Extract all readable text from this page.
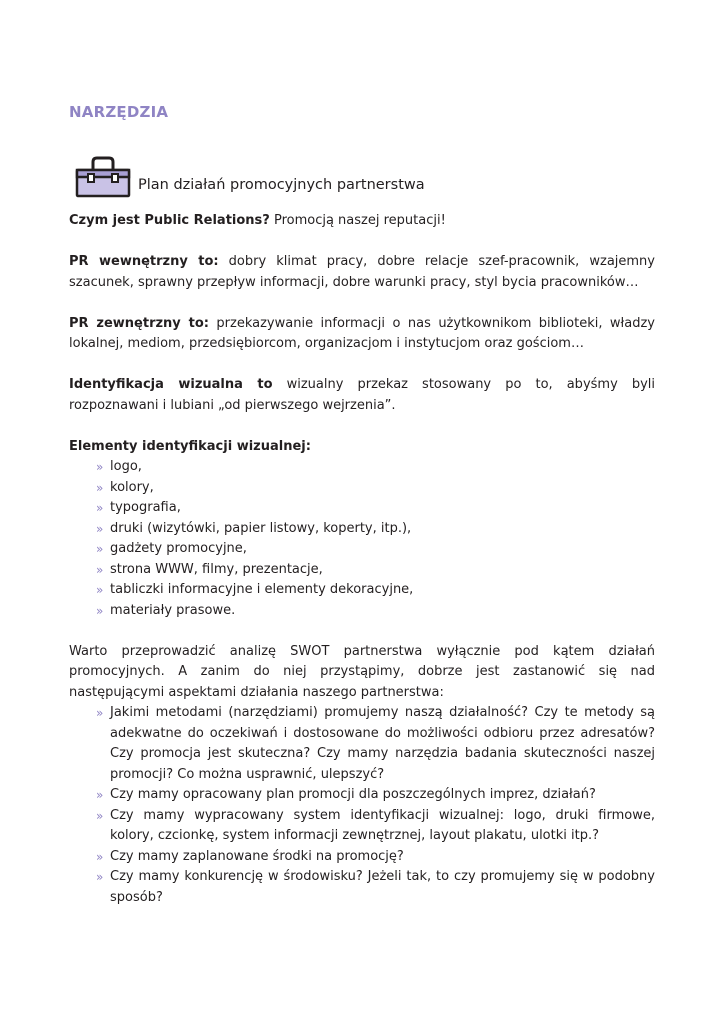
NARZĘDZIA
Plan działań promocyjnych partnerstwa

Czym jest Public Relations? Promocją naszej reputacji!

PR wewnętrzny to: dobry klimat pracy, dobre relacje szef-pracownik, wzajemny szacunek, sprawny przepływ informacji, dobre warunki pracy, styl bycia pracowników…

PR zewnętrzny to: przekazywanie informacji o nas użytkownikom biblioteki, władzy lokalnej, mediom, przedsiębiorcom, organizacjom i instytucjom oraz gościom…

Identyfikacja wizualna to wizualny przekaz stosowany po to, abyśmy byli rozpoznawani i lubiani „od pierwszego wejrzenia”.

Elementy identyfikacji wizualnej:

» logo,
» kolory,
» typografia,
» druki (wizytówki, papier listowy, koperty, itp.),
» gadżety promocyjne,
» strona WWW, filmy, prezentacje,
» tabliczki informacyjne i elementy dekoracyjne,
» materiały prasowe.

Warto przeprowadzić analizę SWOT partnerstwa wyłącznie pod kątem działań promocyjnych. A zanim do niej przystąpimy, dobrze jest zastanowić się nad następującymi aspektami działania naszego partnerstwa:

» Jakimi metodami (narzędziami) promujemy naszą działalność? Czy te metody są adekwatne do oczekiwań i dostosowane do możliwości odbioru przez adresatów? Czy promocja jest skuteczna? Czy mamy narzędzia badania skuteczności naszej promocji? Co można usprawnić, ulepszyć?
» Czy mamy opracowany plan promocji dla poszczególnych imprez, działań?
» Czy mamy wypracowany system identyfikacji wizualnej: logo, druki firmowe, kolory, czcionkę, system informacji zewnętrznej, layout plakatu, ulotki itp.?
» Czy mamy zaplanowane środki na promocję?
» Czy mamy konkurencję w środowisku? Jeżeli tak, to czy promujemy się w podobny sposób?
